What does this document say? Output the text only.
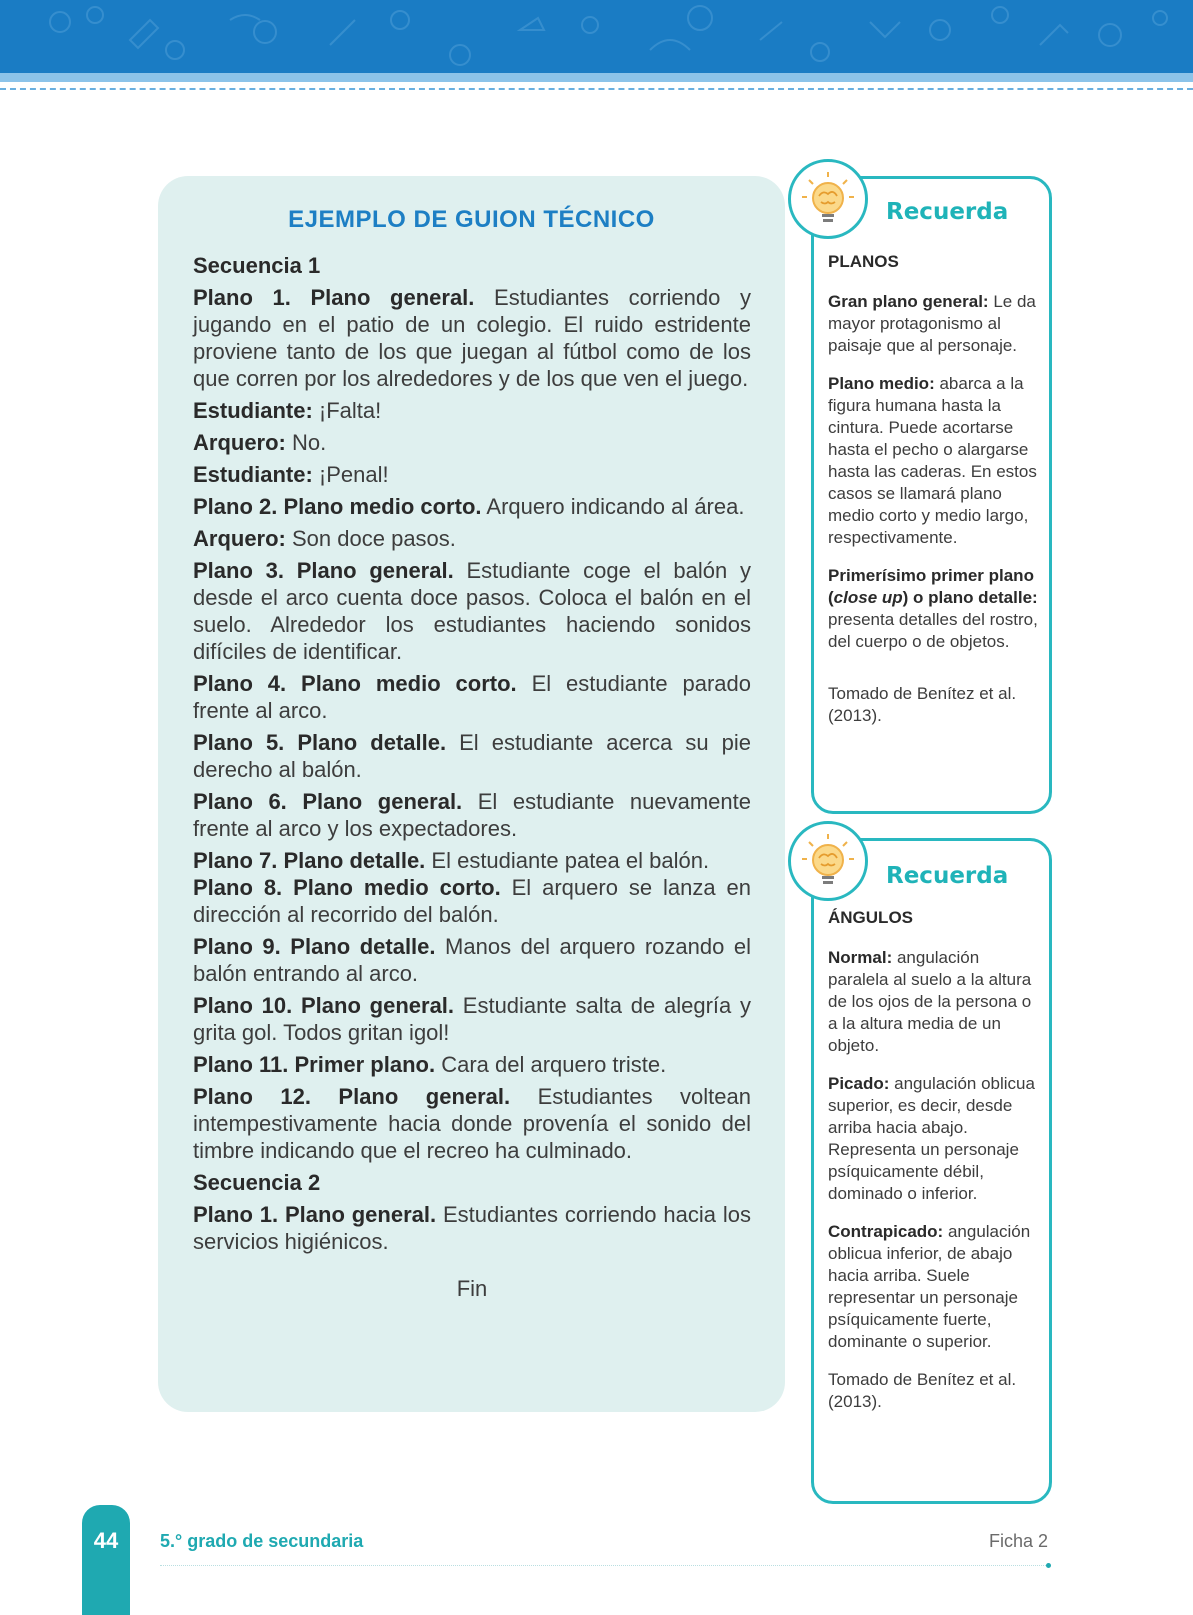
EJEMPLO DE GUION TÉCNICO

Secuencia 1

Plano 1. Plano general. Estudiantes corriendo y jugando en el patio de un colegio. El ruido estridente proviene tanto de los que juegan al fútbol como de los que corren por los alrededores y de los que ven el juego.

Estudiante: ¡Falta!

Arquero: No.

Estudiante: ¡Penal!

Plano 2. Plano medio corto. Arquero indicando al área.

Arquero: Son doce pasos.

Plano 3. Plano general. Estudiante coge el balón y desde el arco cuenta doce pasos. Coloca el balón en el suelo. Alrededor los estudiantes haciendo sonidos difíciles de identificar.

Plano 4. Plano medio corto. El estudiante parado frente al arco.

Plano 5. Plano detalle. El estudiante acerca su pie derecho al balón.

Plano 6. Plano general. El estudiante nuevamente frente al arco y los expectadores.

Plano 7. Plano detalle. El estudiante patea el balón.

Plano 8. Plano medio corto. El arquero se lanza en dirección al recorrido del balón.

Plano 9. Plano detalle. Manos del arquero rozando el balón entrando al arco.

Plano 10. Plano general. Estudiante salta de alegría y grita gol. Todos gritan igol!

Plano 11. Primer plano. Cara del arquero triste.

Plano 12. Plano general. Estudiantes voltean intempestivamente hacia donde provenía el sonido del timbre indicando que el recreo ha culminado.

Secuencia 2

Plano 1. Plano general. Estudiantes corriendo hacia los servicios higiénicos.

Fin

Recuerda

PLANOS

Gran plano general: Le da mayor protagonismo al paisaje que al personaje.

Plano medio: abarca a la figura humana hasta la cintura. Puede acortarse hasta el pecho o alargarse hasta las caderas. En estos casos se llamará plano medio corto y medio largo, respectivamente.

Primerísimo primer plano (close up) o plano detalle: presenta detalles del rostro, del cuerpo o de objetos.

Tomado de Benítez et al. (2013).

Recuerda

ÁNGULOS

Normal: angulación paralela al suelo a la altura de los ojos de la persona o a la altura media de un objeto.

Picado: angulación oblicua superior, es decir, desde arriba hacia abajo. Representa un personaje psíquicamente débil, dominado o inferior.

Contrapicado: angulación oblicua inferior, de abajo hacia arriba. Suele representar un personaje psíquicamente fuerte, dominante o superior.

Tomado de Benítez et al. (2013).

44	5.° grado de secundaria	Ficha 2
